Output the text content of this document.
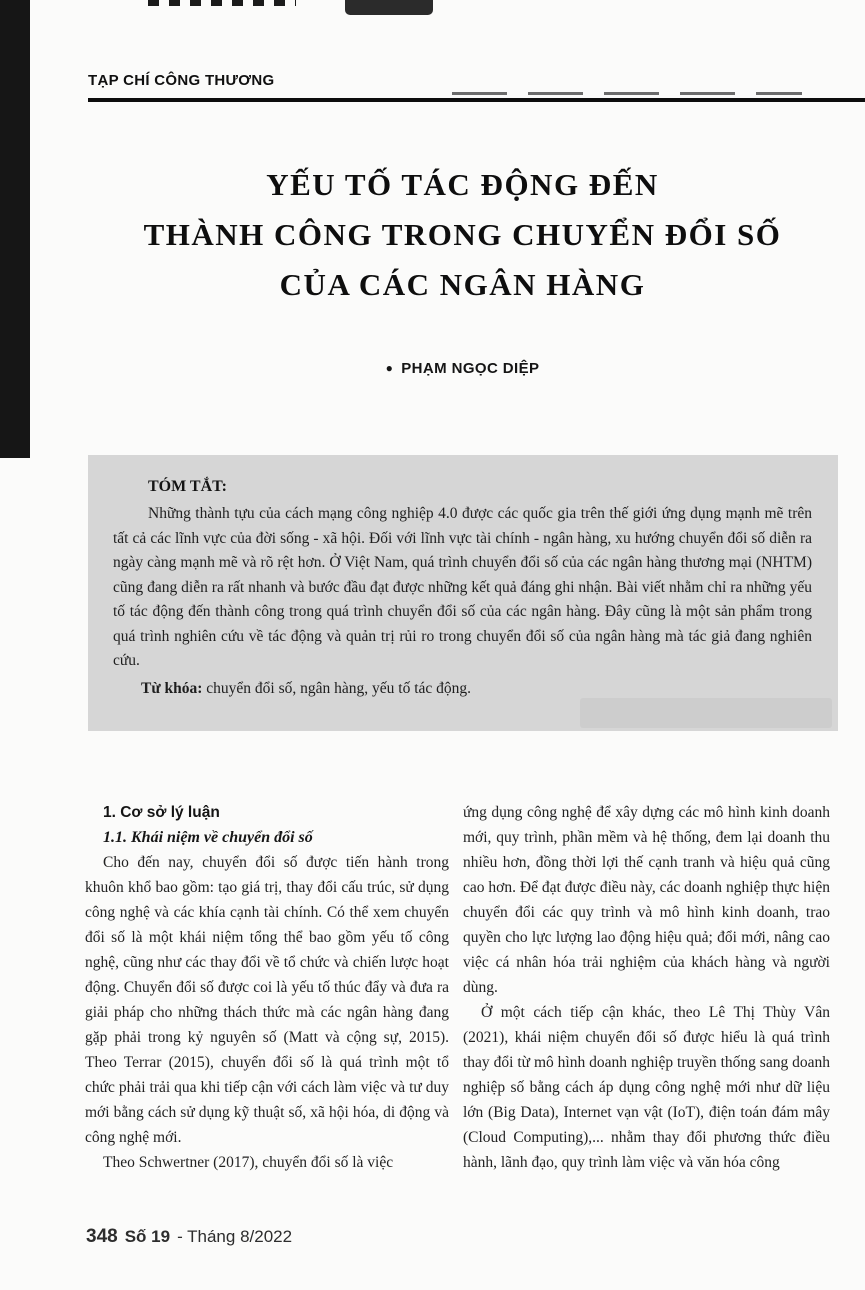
TẠP CHÍ CÔNG THƯƠNG
YẾU TỐ TÁC ĐỘNG ĐẾN
THÀNH CÔNG TRONG CHUYỂN ĐỔI SỐ
CỦA CÁC NGÂN HÀNG
● PHẠM NGỌC DIỆP

TÓM TẮT:

Những thành tựu của cách mạng công nghiệp 4.0 được các quốc gia trên thế giới ứng dụng mạnh mẽ trên tất cả các lĩnh vực của đời sống - xã hội. Đối với lĩnh vực tài chính - ngân hàng, xu hướng chuyển đổi số diễn ra ngày càng mạnh mẽ và rõ rệt hơn. Ở Việt Nam, quá trình chuyển đổi số của các ngân hàng thương mại (NHTM) cũng đang diễn ra rất nhanh và bước đầu đạt được những kết quả đáng ghi nhận. Bài viết nhằm chỉ ra những yếu tố tác động đến thành công trong quá trình chuyển đổi số của các ngân hàng. Đây cũng là một sản phẩm trong quá trình nghiên cứu về tác động và quản trị rủi ro trong chuyển đổi số của ngân hàng mà tác giả đang nghiên cứu.

Từ khóa: chuyển đổi số, ngân hàng, yếu tố tác động.

1. Cơ sở lý luận

1.1. Khái niệm về chuyển đổi số

Cho đến nay, chuyển đổi số được tiến hành trong khuôn khổ bao gồm: tạo giá trị, thay đổi cấu trúc, sử dụng công nghệ và các khía cạnh tài chính. Có thể xem chuyển đổi số là một khái niệm tổng thể bao gồm yếu tố công nghệ, cũng như các thay đổi về tổ chức và chiến lược hoạt động. Chuyển đổi số được coi là yếu tố thúc đẩy và đưa ra giải pháp cho những thách thức mà các ngân hàng đang gặp phải trong kỷ nguyên số (Matt và cộng sự, 2015). Theo Terrar (2015), chuyển đổi số là quá trình một tổ chức phải trải qua khi tiếp cận với cách làm việc và tư duy mới bằng cách sử dụng kỹ thuật số, xã hội hóa, di động và công nghệ mới.

Theo Schwertner (2017), chuyển đổi số là việc

ứng dụng công nghệ để xây dựng các mô hình kinh doanh mới, quy trình, phần mềm và hệ thống, đem lại doanh thu nhiều hơn, đồng thời lợi thế cạnh tranh và hiệu quả cũng cao hơn. Để đạt được điều này, các doanh nghiệp thực hiện chuyển đổi các quy trình và mô hình kinh doanh, trao quyền cho lực lượng lao động hiệu quả; đổi mới, nâng cao việc cá nhân hóa trải nghiệm của khách hàng và người dùng.

Ở một cách tiếp cận khác, theo Lê Thị Thùy Vân (2021), khái niệm chuyển đổi số được hiểu là quá trình thay đổi từ mô hình doanh nghiệp truyền thống sang doanh nghiệp số bằng cách áp dụng công nghệ mới như dữ liệu lớn (Big Data), Internet vạn vật (IoT), điện toán đám mây (Cloud Computing),... nhằm thay đổi phương thức điều hành, lãnh đạo, quy trình làm việc và văn hóa công

348 Số 19 - Tháng 8/2022
